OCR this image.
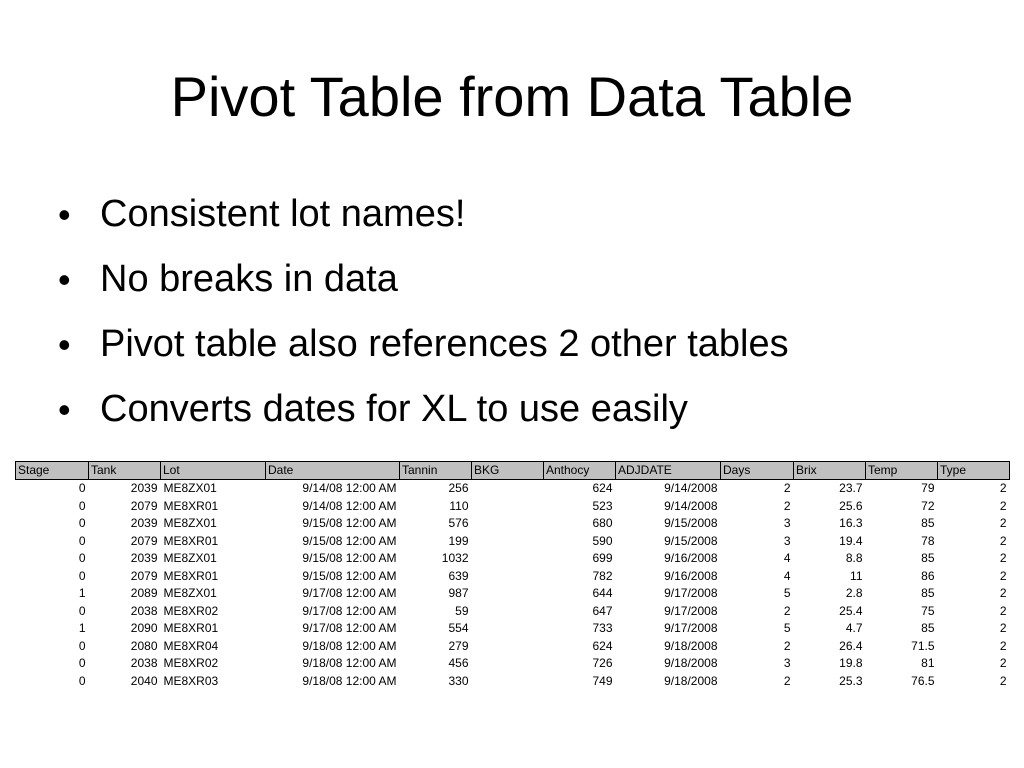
Pivot Table from Data Table
• Consistent lot names!
• No breaks in data
• Pivot table also references 2 other tables
• Converts dates for XL to use easily
Stage	Tank	Lot	Date	Tannin	BKG	Anthocy	ADJDATE	Days	Brix	Temp	Type
0	2039	ME8ZX01	9/14/08 12:00 AM	256		624	9/14/2008	2	23.7	79	2
0	2079	ME8XR01	9/14/08 12:00 AM	110		523	9/14/2008	2	25.6	72	2
0	2039	ME8ZX01	9/15/08 12:00 AM	576		680	9/15/2008	3	16.3	85	2
0	2079	ME8XR01	9/15/08 12:00 AM	199		590	9/15/2008	3	19.4	78	2
0	2039	ME8ZX01	9/15/08 12:00 AM	1032		699	9/16/2008	4	8.8	85	2
0	2079	ME8XR01	9/15/08 12:00 AM	639		782	9/16/2008	4	11	86	2
1	2089	ME8ZX01	9/17/08 12:00 AM	987		644	9/17/2008	5	2.8	85	2
0	2038	ME8XR02	9/17/08 12:00 AM	59		647	9/17/2008	2	25.4	75	2
1	2090	ME8XR01	9/17/08 12:00 AM	554		733	9/17/2008	5	4.7	85	2
0	2080	ME8XR04	9/18/08 12:00 AM	279		624	9/18/2008	2	26.4	71.5	2
0	2038	ME8XR02	9/18/08 12:00 AM	456		726	9/18/2008	3	19.8	81	2
0	2040	ME8XR03	9/18/08 12:00 AM	330		749	9/18/2008	2	25.3	76.5	2
